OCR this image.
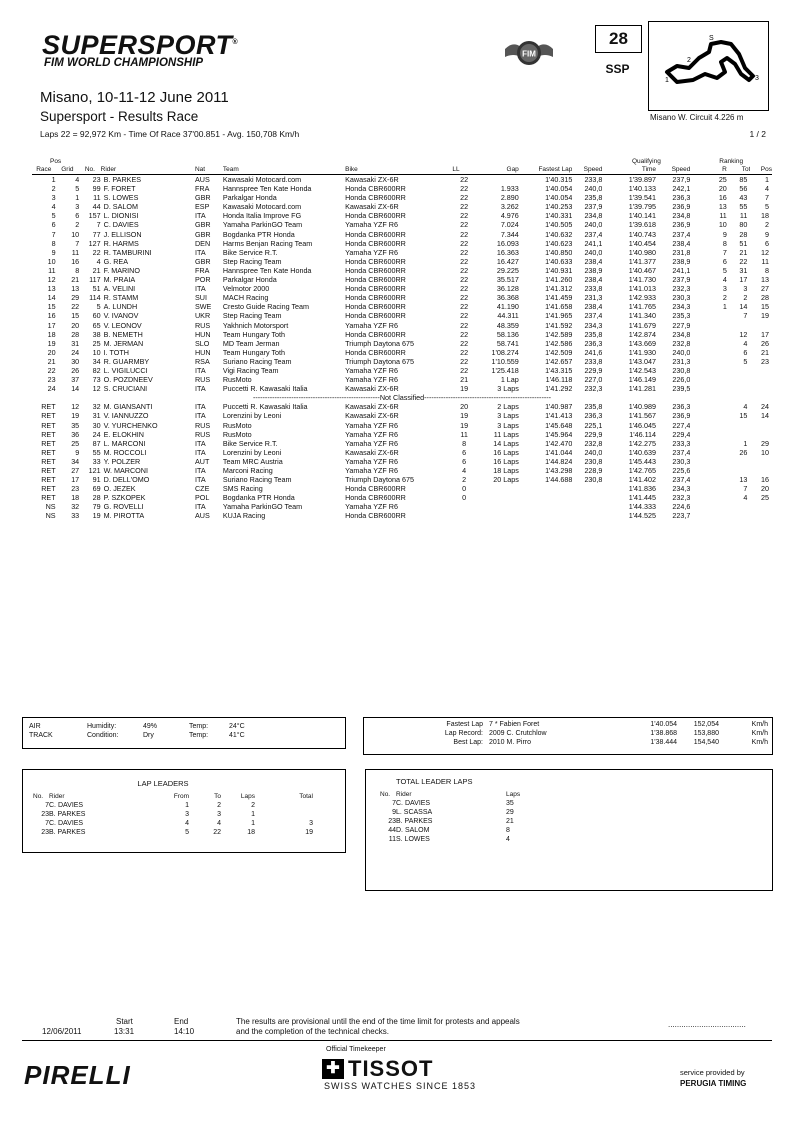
SUPERSPORT®
FIM WORLD CHAMPIONSHIP
FIM
28
SSP
S
2
1	3
Misano W. Circuit 4.226 m
Misano, 10-11-12 June 2011
Supersport - Results Race
Laps 22 = 92,972 Km - Time Of Race 37'00.851 - Avg. 150,708 Km/h	1 / 2
Pos											Qualifying		Ranking		
Race	Grid	No.	Rider	Nat	Team	Bike	LL	Gap	Fastest Lap	Speed	Time	Speed	R	Tot	Pos
1	4	23	B. PARKES	AUS	Kawasaki Motocard.com	Kawasaki ZX-6R	22		1'40.315	233,8	1'39.897	237,9	25	85	1
2	5	99	F. FORET	FRA	Hannspree Ten Kate Honda	Honda CBR600RR	22	1.933	1'40.054	240,0	1'40.133	242,1	20	56	4
3	1	11	S. LOWES	GBR	Parkalgar Honda	Honda CBR600RR	22	2.890	1'40.054	235,8	1'39.541	236,3	16	43	7
4	3	44	D. SALOM	ESP	Kawasaki Motocard.com	Kawasaki ZX-6R	22	3.262	1'40.253	237,9	1'39.795	236,9	13	55	5
5	6	157	L. DIONISI	ITA	Honda Italia Improve FG	Honda CBR600RR	22	4.976	1'40.331	234,8	1'40.141	234,8	11	11	18
6	2	7	C. DAVIES	GBR	Yamaha ParkinGO Team	Yamaha YZF R6	22	7.024	1'40.505	240,0	1'39.618	236,9	10	80	2
7	10	77	J. ELLISON	GBR	Bogdanka PTR Honda	Honda CBR600RR	22	7.344	1'40.632	237,4	1'40.743	237,4	9	28	9
8	7	127	R. HARMS	DEN	Harms Benjan Racing Team	Honda CBR600RR	22	16.093	1'40.623	241,1	1'40.454	238,4	8	51	6
9	11	22	R. TAMBURINI	ITA	Bike Service R.T.	Yamaha YZF R6	22	16.363	1'40.850	240,0	1'40.980	231,8	7	21	12
10	16	4	G. REA	GBR	Step Racing Team	Honda CBR600RR	22	16.427	1'40.633	238,4	1'41.377	238,9	6	22	11
11	8	21	F. MARINO	FRA	Hannspree Ten Kate Honda	Honda CBR600RR	22	29.225	1'40.931	238,9	1'40.467	241,1	5	31	8
12	21	117	M. PRAIA	POR	Parkalgar Honda	Honda CBR600RR	22	35.517	1'41.260	238,4	1'41.730	237,9	4	17	13
13	13	51	A. VELINI	ITA	Velmotor 2000	Honda CBR600RR	22	36.128	1'41.312	233,8	1'41.013	232,3	3	3	27
14	29	114	R. STAMM	SUI	MACH Racing	Honda CBR600RR	22	36.368	1'41.459	231,3	1'42.933	230,3	2	2	28
15	22	5	A. LUNDH	SWE	Cresto Guide Racing Team	Honda CBR600RR	22	41.190	1'41.658	238,4	1'41.765	234,3	1	14	15
16	15	60	V. IVANOV	UKR	Step Racing Team	Honda CBR600RR	22	44.311	1'41.965	237,4	1'41.340	235,3		7	19
17	20	65	V. LEONOV	RUS	Yakhnich Motorsport	Yamaha YZF R6	22	48.359	1'41.592	234,3	1'41.679	227,9			
18	28	38	B. NEMETH	HUN	Team Hungary Toth	Honda CBR600RR	22	58.136	1'42.589	235,8	1'42.874	234,8		12	17
19	31	25	M. JERMAN	SLO	MD Team Jerman	Triumph Daytona 675	22	58.741	1'42.586	236,3	1'43.669	232,8		4	26
20	24	10	I. TOTH	HUN	Team Hungary Toth	Honda CBR600RR	22	1'08.274	1'42.509	241,6	1'41.930	240,0		6	21
21	30	34	R. GUARMBY	RSA	Suriano Racing Team	Triumph Daytona 675	22	1'10.559	1'42.657	233,8	1'43.047	231,3		5	23
22	26	82	L. VIGILUCCI	ITA	Vigi Racing Team	Yamaha YZF R6	22	1'25.418	1'43.315	229,9	1'42.543	230,8			
23	37	73	O. POZDNEEV	RUS	RusMoto	Yamaha YZF R6	21	1 Lap	1'46.118	227,0	1'46.149	226,0			
24	14	12	S. CRUCIANI	ITA	Puccetti R. Kawasaki Italia	Kawasaki ZX-6R	19	3 Laps	1'41.292	232,3	1'41.281	239,5			
-----------------------------------------------------Not Classified-----------------------------------------------------															
RET	12	32	M. GIANSANTI	ITA	Puccetti R. Kawasaki Italia	Kawasaki ZX-6R	20	2 Laps	1'40.987	235,8	1'40.989	236,3		4	24
RET	19	31	V. IANNUZZO	ITA	Lorenzini by Leoni	Kawasaki ZX-6R	19	3 Laps	1'41.413	236,3	1'41.567	236,9		15	14
RET	35	30	V. YURCHENKO	RUS	RusMoto	Yamaha YZF R6	19	3 Laps	1'45.648	225,1	1'46.045	227,4			
RET	36	24	E. ELOKHIN	RUS	RusMoto	Yamaha YZF R6	11	11 Laps	1'45.964	229,9	1'46.114	229,4			
RET	25	87	L. MARCONI	ITA	Bike Service R.T.	Yamaha YZF R6	8	14 Laps	1'42.470	232,8	1'42.275	233,3		1	29
RET	9	55	M. ROCCOLI	ITA	Lorenzini by Leoni	Kawasaki ZX-6R	6	16 Laps	1'41.044	240,0	1'40.639	237,4		26	10
RET	34	33	Y. POLZER	AUT	Team MRC Austria	Yamaha YZF R6	6	16 Laps	1'44.824	230,8	1'45.443	230,3			
RET	27	121	W. MARCONI	ITA	Marconi Racing	Yamaha YZF R6	4	18 Laps	1'43.298	228,9	1'42.765	225,6			
RET	17	91	D. DELL'OMO	ITA	Suriano Racing Team	Triumph Daytona 675	2	20 Laps	1'44.688	230,8	1'41.402	237,4		13	16
RET	23	69	O. JEZEK	CZE	SMS Racing	Honda CBR600RR	0				1'41.836	234,3		7	20
RET	18	28	P. SZKOPEK	POL	Bogdanka PTR Honda	Honda CBR600RR	0				1'41.445	232,3		4	25
NS	32	79	G. ROVELLI	ITA	Yamaha ParkinGO Team	Yamaha YZF R6					1'44.333	224,6			
NS	33	19	M. PIROTTA	AUS	KUJA Racing	Honda CBR600RR					1'44.525	223,7			
AIR	Humidity:	49%	Temp:	24°C
TRACK	Condition:	Dry	Temp:	41°C
Fastest Lap	7 * Fabien Foret	1'40.054	152,054	Km/h
Lap Record:	2009 C. Crutchlow	1'38.868	153,880	Km/h
Best Lap:	2010 M. Pirro	1'38.444	154,540	Km/h
LAP LEADERS
No.	Rider	From	To	Laps	Total
7	C. DAVIES	1	2	2	
23	B. PARKES	3	3	1	
7	C. DAVIES	4	4	1	3
23	B. PARKES	5	22	18	19
TOTAL LEADER LAPS
No.	Rider	Laps
7	C. DAVIES	35
9	L. SCASSA	29
23	B. PARKES	21
44	D. SALOM	8
11	S. LOWES	4
Start	End
12/06/2011	13:31	14:10
The results are provisional until the end of the time limit for protests and appeals
and the completion of the technical checks.
...................................
PIRELLI
Official Timekeeper
✚ TISSOT
SWISS WATCHES SINCE 1853
service provided by
PERUGIA TIMING
